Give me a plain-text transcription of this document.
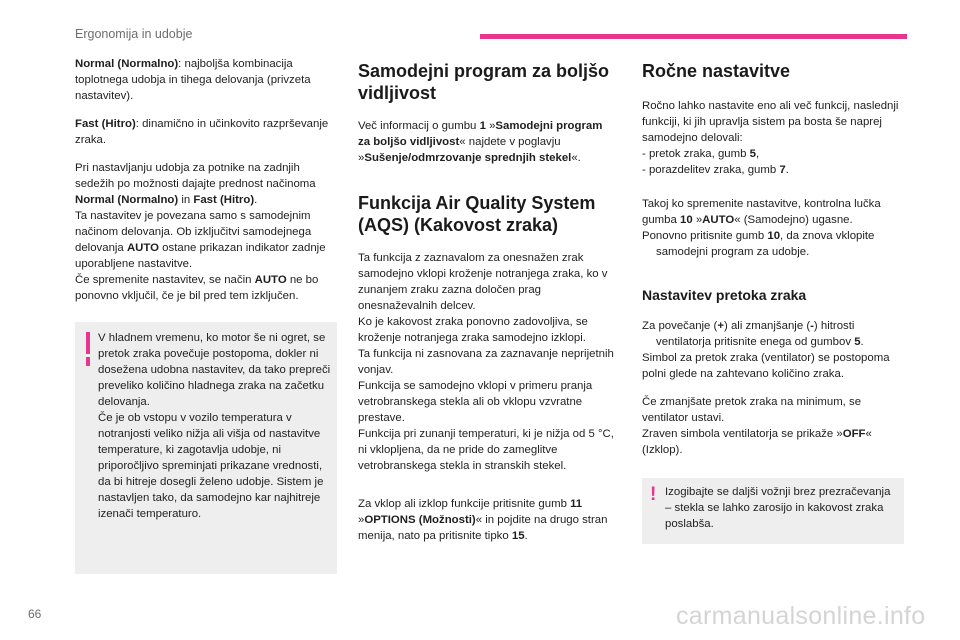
Ergonomija in udobje

Normal (Normalno): najboljša kombinacija toplotnega udobja in tihega delovanja (privzeta nastavitev).

Fast (Hitro): dinamično in učinkovito razprševanje zraka.

Pri nastavljanju udobja za potnike na zadnjih sedežih po možnosti dajajte prednost načinoma Normal (Normalno) in Fast (Hitro).
Ta nastavitev je povezana samo s samodejnim načinom delovanja. Ob izključitvi samodejnega delovanja AUTO ostane prikazan indikator zadnje uporabljene nastavitve.
Če spremenite nastavitev, se način AUTO ne bo ponovno vključil, če je bil pred tem izključen.

V hladnem vremenu, ko motor še ni ogret, se pretok zraka povečuje postopoma, dokler ni dosežena udobna nastavitev, da tako prepreči preveliko količino hladnega zraka na začetku delovanja.
Če je ob vstopu v vozilo temperatura v notranjosti veliko nižja ali višja od nastavitve temperature, ki zagotavlja udobje, ni priporočljivo spreminjati prikazane vrednosti, da bi hitreje dosegli želeno udobje. Sistem je nastavljen tako, da samodejno kar najhitreje izenači temperaturo.
Samodejni program za boljšo vidljivost

Več informacij o gumbu 1 »Samodejni program za boljšo vidljivost« najdete v poglavju »Sušenje/odmrzovanje sprednjih stekel«.

Funkcija Air Quality System (AQS) (Kakovost zraka)

Ta funkcija z zaznavalom za onesnažen zrak samodejno vklopi kroženje notranjega zraka, ko v zunanjem zraku zazna določen prag onesnaževalnih delcev.
Ko je kakovost zraka ponovno zadovoljiva, se kroženje notranjega zraka samodejno izklopi.
Ta funkcija ni zasnovana za zaznavanje neprijetnih vonjav.
Funkcija se samodejno vklopi v primeru pranja vetrobranskega stekla ali ob vklopu vzvratne prestave.
Funkcija pri zunanji temperaturi, ki je nižja od 5 °C, ni vklopljena, da ne pride do zameglitve vetrobranskega stekla in stranskih stekel.

Za vklop ali izklop funkcije pritisnite gumb 11 »OPTIONS (Možnosti)« in pojdite na drugo stran menija, nato pa pritisnite tipko 15.

Ročne nastavitve

Ročno lahko nastavite eno ali več funkcij, naslednji funkciji, ki jih upravlja sistem pa bosta še naprej samodejno delovali:

- pretok zraka, gumb 5,
- porazdelitev zraka, gumb 7.

Takoj ko spremenite nastavitve, kontrolna lučka gumba 10 »AUTO« (Samodejno) ugasne.

Ponovno pritisnite gumb 10, da znova vklopite samodejni program za udobje.

Nastavitev pretoka zraka

Za povečanje (+) ali zmanjšanje (-) hitrosti ventilatorja pritisnite enega od gumbov 5.

Simbol za pretok zraka (ventilator) se postopoma polni glede na zahtevano količino zraka.

Če zmanjšate pretok zraka na minimum, se ventilator ustavi.
Zraven simbola ventilatorja se prikaže »OFF« (Izklop).

! Izogibajte se daljši vožnji brez prezračevanja – stekla se lahko zarosijo in kakovost zraka poslabša.
66	carmanualsonline.info
